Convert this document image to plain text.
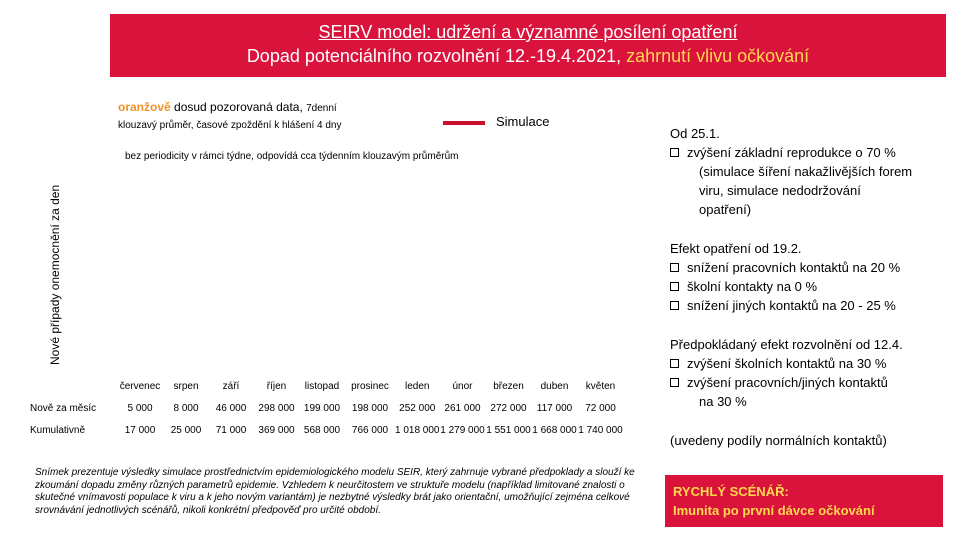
SEIRV model: udržení a významné posílení opatření
Dopad potenciálního rozvolnění 12.-19.4.2021, zahrnutí vlivu očkování
Nové případy onemocnění za den
oranžově dosud pozorovaná data, 7denní
klouzavý průměr, časové zpoždění k hlášení 4 dny	Simulace
bez periodicity v rámci týdne, odpovídá cca týdenním klouzavým průměrům
	červenec	srpen	září	říjen	listopad	prosinec	leden	únor	březen	duben	květen
Nově za měsíc	5 000	8 000	46 000	298 000	199 000	198 000	252 000	261 000	272 000	117 000	72 000
Kumulativně	17 000	25 000	71 000	369 000	568 000	766 000	1 018 000	1 279 000	1 551 000	1 668 000	1 740 000
Od 25.1.
zvýšení základní reprodukce o 70 %
(simulace šíření nakažlivějších forem
viru, simulace nedodržování
opatření)
Efekt opatření od 19.2.
snížení pracovních kontaktů na 20 %
školní kontakty na 0 %
snížení jiných kontaktů na 20 - 25 %
Předpokládaný efekt rozvolnění od 12.4.
zvýšení školních kontaktů na 30 %
zvýšení pracovních/jiných kontaktů
na 30 %
(uvedeny podíly normálních kontaktů)
Snímek prezentuje výsledky simulace prostřednictvím epidemiologického modelu SEIR, který zahrnuje vybrané předpoklady a slouží ke zkoumání dopadu změny různých parametrů epidemie. Vzhledem k neurčitostem ve struktuře modelu (například limitované znalosti o skutečné vnímavosti populace k viru a k jeho novým variantám) je nezbytné výsledky brát jako orientační, umožňující zejména celkové srovnávání jednotlivých scénářů, nikoli konkrétní předpověď pro určité období.
RYCHLÝ SCÉNÁŘ:
Imunita po první dávce očkování
